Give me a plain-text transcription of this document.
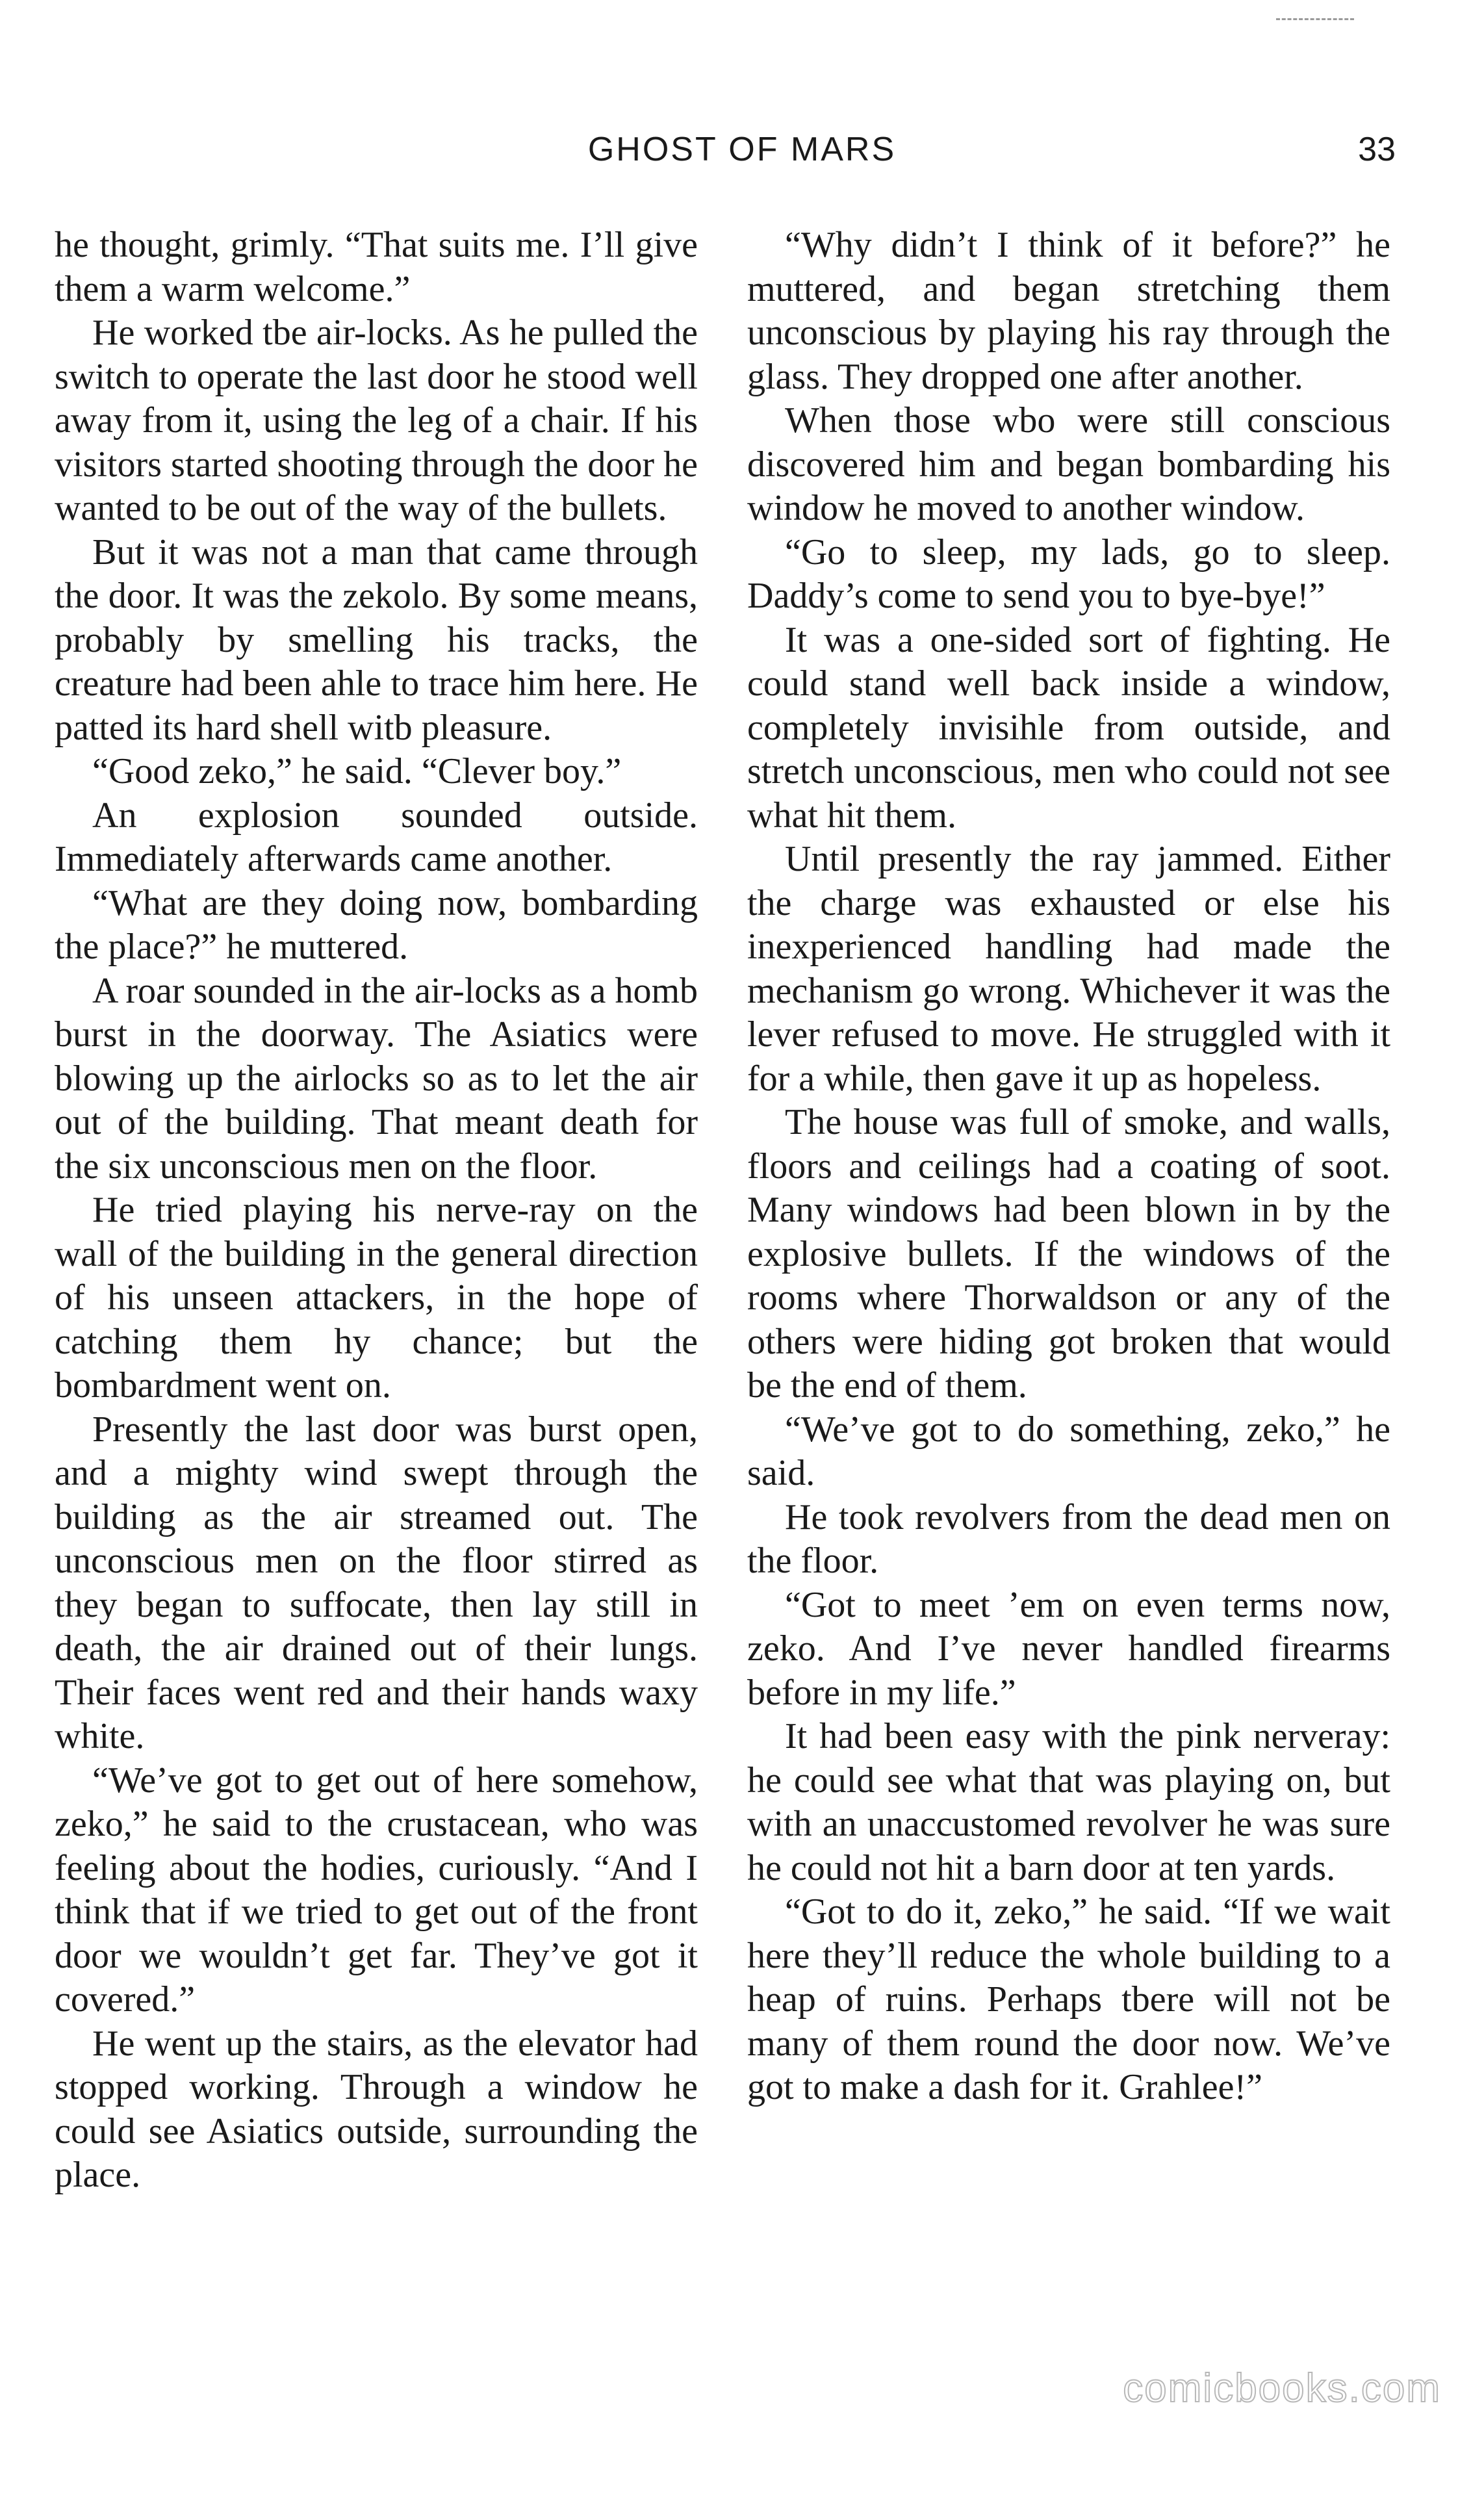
GHOST OF MARS	33

he thought, grimly. “That suits me. I’ll give them a warm welcome.”

He worked tbe air-locks. As he pulled the switch to operate the last door he stood well away from it, using the leg of a chair. If his visitors started shooting through the door he wanted to be out of the way of the bullets.

But it was not a man that came through the door. It was the zekolo. By some means, probably by smelling his tracks, the creature had been ahle to trace him here. He patted its hard shell witb pleasure.

“Good zeko,” he said. “Clever boy.”

An explosion sounded outside. Immediately afterwards came another.

“What are they doing now, bombarding the place?” he muttered.

A roar sounded in the air-locks as a homb burst in the doorway. The Asiatics were blowing up the airlocks so as to let the air out of the building. That meant death for the six unconscious men on the floor.

He tried playing his nerve-ray on the wall of the building in the general direction of his unseen attackers, in the hope of catching them hy chance; but the bombardment went on.

Presently the last door was burst open, and a mighty wind swept through the building as the air streamed out. The unconscious men on the floor stirred as they began to suffocate, then lay still in death, the air drained out of their lungs. Their faces went red and their hands waxy white.

“We’ve got to get out of here somehow, zeko,” he said to the crustacean, who was feeling about the hodies, curiously. “And I think that if we tried to get out of the front door we wouldn’t get far. They’ve got it covered.”

He went up the stairs, as the elevator had stopped working. Through a window he could see Asiatics outside, surrounding the place.

“Why didn’t I think of it before?” he muttered, and began stretching them unconscious by playing his ray through the glass. They dropped one after another.

When those wbo were still conscious discovered him and began bombarding his window he moved to another window.

“Go to sleep, my lads, go to sleep. Daddy’s come to send you to bye-bye!”

It was a one-sided sort of fighting. He could stand well back inside a window, completely invisihle from outside, and stretch unconscious, men who could not see what hit them.

Until presently the ray jammed. Either the charge was exhausted or else his inexperienced handling had made the mechanism go wrong. Whichever it was the lever refused to move. He struggled with it for a while, then gave it up as hopeless.

The house was full of smoke, and walls, floors and ceilings had a coating of soot. Many windows had been blown in by the explosive bullets. If the windows of the rooms where Thorwaldson or any of the others were hiding got broken that would be the end of them.

“We’ve got to do something, zeko,” he said.

He took revolvers from the dead men on the floor.

“Got to meet ’em on even terms now, zeko. And I’ve never handled firearms before in my life.”

It had been easy with the pink nerveray: he could see what that was playing on, but with an unaccustomed revolver he was sure he could not hit a barn door at ten yards.

“Got to do it, zeko,” he said. “If we wait here they’ll reduce the whole building to a heap of ruins. Perhaps tbere will not be many of them round the door now. We’ve got to make a dash for it. Grahlee!”

comicbooks.com
